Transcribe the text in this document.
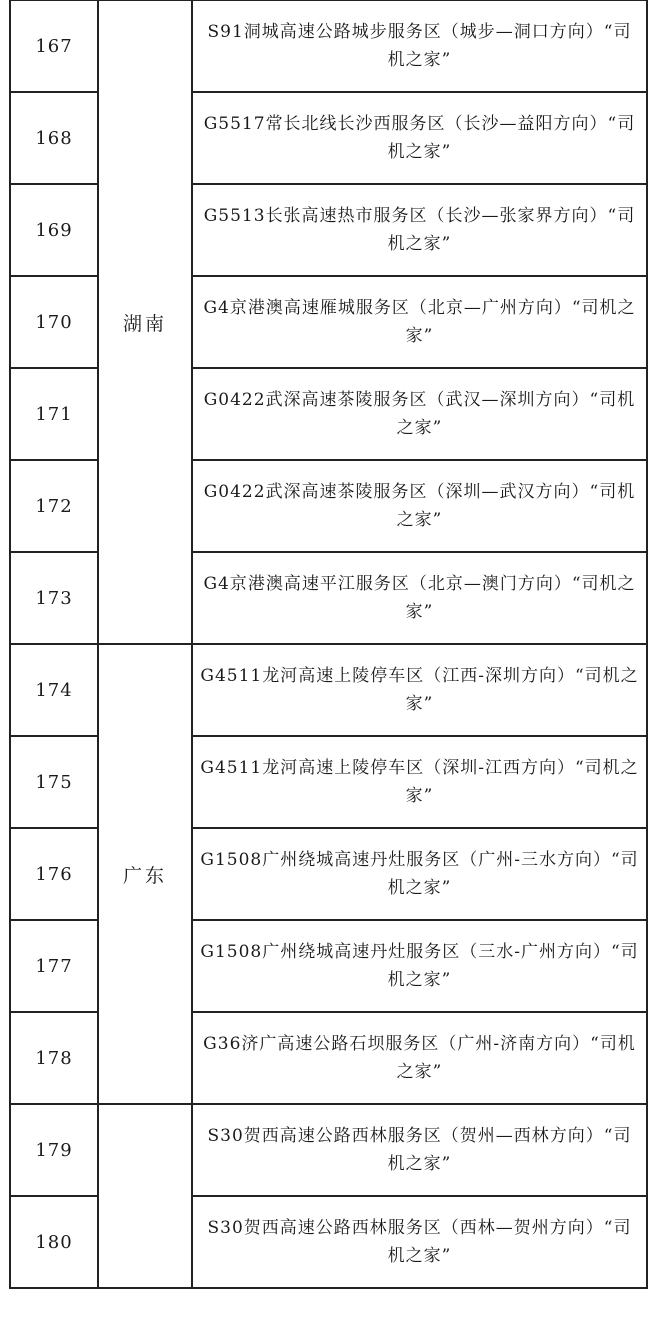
167	湖南	S91洞城高速公路城步服务区（城步—洞口方向）“司机之家”
168		G5517常长北线长沙西服务区（长沙—益阳方向）“司机之家”
169		G5513长张高速热市服务区（长沙—张家界方向）“司机之家”
170		G4京港澳高速雁城服务区（北京—广州方向）“司机之家”
171		G0422武深高速茶陵服务区（武汉—深圳方向）“司机之家”
172		G0422武深高速茶陵服务区（深圳—武汉方向）“司机之家”
173		G4京港澳高速平江服务区（北京—澳门方向）“司机之家”
174	广东	G4511龙河高速上陵停车区（江西-深圳方向）“司机之家”
175		G4511龙河高速上陵停车区（深圳-江西方向）“司机之家”
176		G1508广州绕城高速丹灶服务区（广州-三水方向）“司机之家”
177		G1508广州绕城高速丹灶服务区（三水-广州方向）“司机之家”
178		G36济广高速公路石坝服务区（广州-济南方向）“司机之家”
179		S30贺西高速公路西林服务区（贺州—西林方向）“司机之家”
180		S30贺西高速公路西林服务区（西林—贺州方向）“司机之家”
